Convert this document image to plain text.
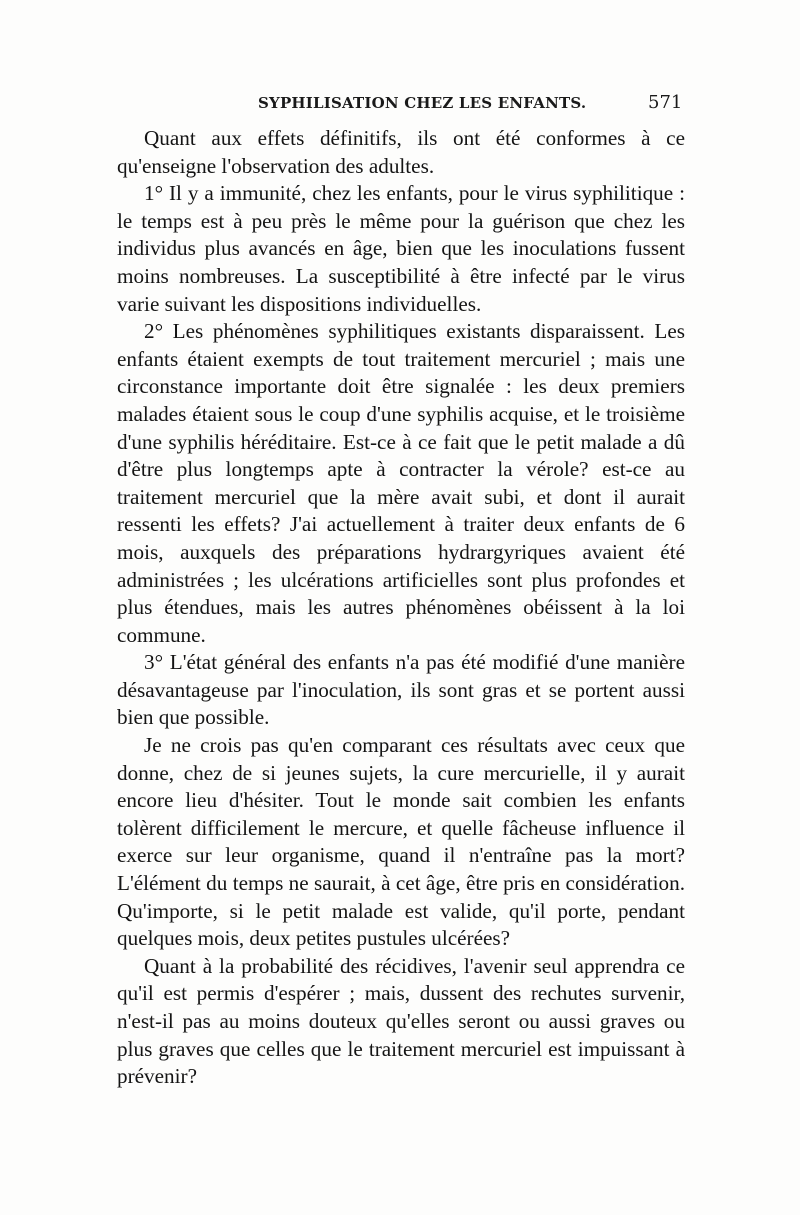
SYPHILISATION CHEZ LES ENFANTS.	571

Quant aux effets définitifs, ils ont été conformes à ce qu'enseigne l'observation des adultes.

1° Il y a immunité, chez les enfants, pour le virus syphilitique : le temps est à peu près le même pour la guérison que chez les individus plus avancés en âge, bien que les inoculations fussent moins nombreuses. La susceptibilité à être infecté par le virus varie suivant les dispositions individuelles.

2° Les phénomènes syphilitiques existants disparaissent. Les enfants étaient exempts de tout traitement mercuriel ; mais une circonstance importante doit être signalée : les deux premiers malades étaient sous le coup d'une syphilis acquise, et le troisième d'une syphilis héréditaire. Est-ce à ce fait que le petit malade a dû d'être plus longtemps apte à contracter la vérole? est-ce au traitement mercuriel que la mère avait subi, et dont il aurait ressenti les effets? J'ai actuellement à traiter deux enfants de 6 mois, auxquels des préparations hydrargyriques avaient été administrées ; les ulcérations artificielles sont plus profondes et plus étendues, mais les autres phénomènes obéissent à la loi commune.

3° L'état général des enfants n'a pas été modifié d'une manière désavantageuse par l'inoculation, ils sont gras et se portent aussi bien que possible.

Je ne crois pas qu'en comparant ces résultats avec ceux que donne, chez de si jeunes sujets, la cure mercurielle, il y aurait encore lieu d'hésiter. Tout le monde sait combien les enfants tolèrent difficilement le mercure, et quelle fâcheuse influence il exerce sur leur organisme, quand il n'entraîne pas la mort? L'élément du temps ne saurait, à cet âge, être pris en considération. Qu'importe, si le petit malade est valide, qu'il porte, pendant quelques mois, deux petites pustules ulcérées?

Quant à la probabilité des récidives, l'avenir seul apprendra ce qu'il est permis d'espérer ; mais, dussent des rechutes survenir, n'est-il pas au moins douteux qu'elles seront ou aussi graves ou plus graves que celles que le traitement mercuriel est impuissant à prévenir?
